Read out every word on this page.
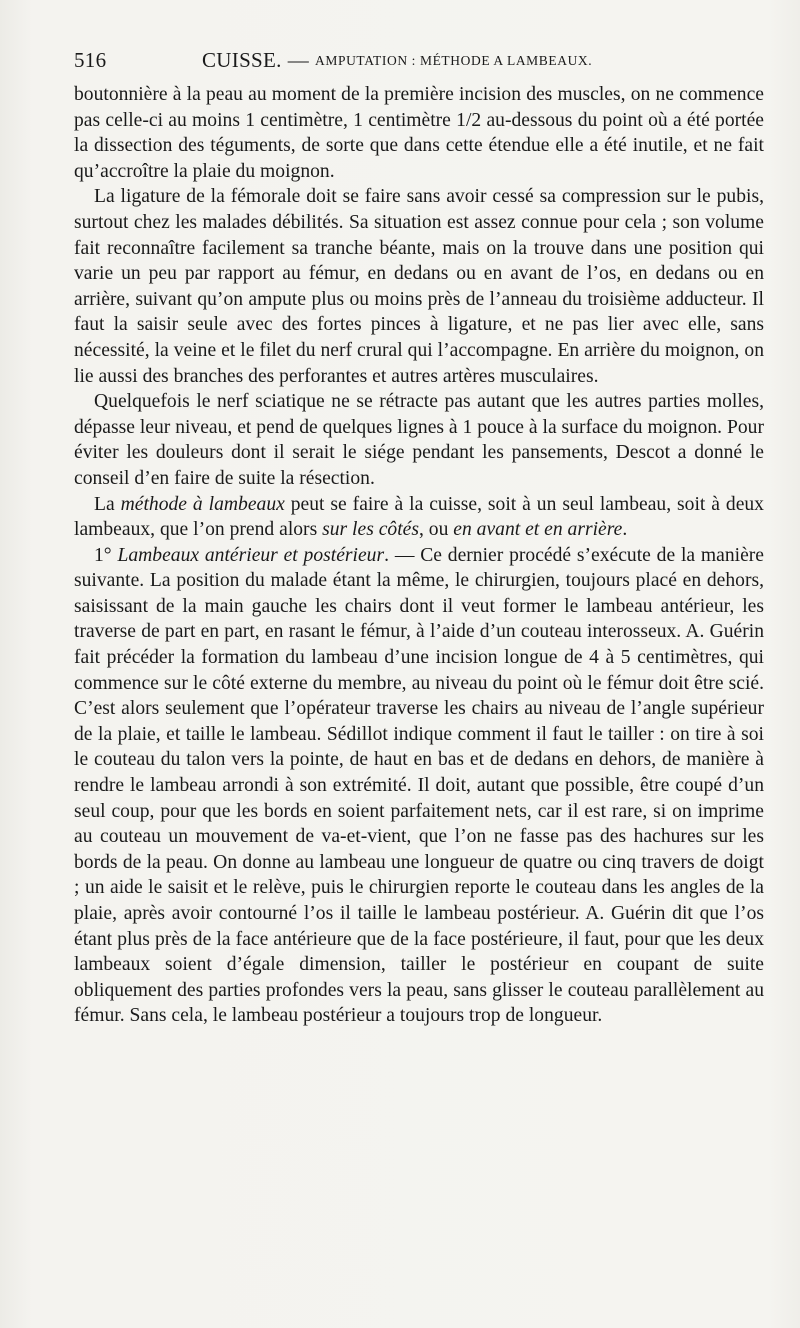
516	CUISSE. — AMPUTATION : MÉTHODE A LAMBEAUX.

boutonnière à la peau au moment de la première incision des muscles, on ne commence pas celle-ci au moins 1 centimètre, 1 centimètre 1/2 au-dessous du point où a été portée la dissection des téguments, de sorte que dans cette étendue elle a été inutile, et ne fait qu’accroître la plaie du moignon.

La ligature de la fémorale doit se faire sans avoir cessé sa compression sur le pubis, surtout chez les malades débilités. Sa situation est assez connue pour cela ; son volume fait reconnaître facilement sa tranche béante, mais on la trouve dans une position qui varie un peu par rapport au fémur, en dedans ou en avant de l’os, en dedans ou en arrière, suivant qu’on ampute plus ou moins près de l’anneau du troisième adducteur. Il faut la saisir seule avec des fortes pinces à ligature, et ne pas lier avec elle, sans nécessité, la veine et le filet du nerf crural qui l’accompagne. En arrière du moignon, on lie aussi des branches des perforantes et autres artères musculaires.

Quelquefois le nerf sciatique ne se rétracte pas autant que les autres parties molles, dépasse leur niveau, et pend de quelques lignes à 1 pouce à la surface du moignon. Pour éviter les douleurs dont il serait le siége pendant les pansements, Descot a donné le conseil d’en faire de suite la résection.

La méthode à lambeaux peut se faire à la cuisse, soit à un seul lambeau, soit à deux lambeaux, que l’on prend alors sur les côtés, ou en avant et en arrière.

1° Lambeaux antérieur et postérieur. — Ce dernier procédé s’exécute de la manière suivante. La position du malade étant la même, le chirurgien, toujours placé en dehors, saisissant de la main gauche les chairs dont il veut former le lambeau antérieur, les traverse de part en part, en rasant le fémur, à l’aide d’un couteau interosseux. A. Guérin fait précéder la formation du lambeau d’une incision longue de 4 à 5 centimètres, qui commence sur le côté externe du membre, au niveau du point où le fémur doit être scié. C’est alors seulement que l’opérateur traverse les chairs au niveau de l’angle supérieur de la plaie, et taille le lambeau. Sédillot indique comment il faut le tailler : on tire à soi le couteau du talon vers la pointe, de haut en bas et de dedans en dehors, de manière à rendre le lambeau arrondi à son extrémité. Il doit, autant que possible, être coupé d’un seul coup, pour que les bords en soient parfaitement nets, car il est rare, si on imprime au couteau un mouvement de va-et-vient, que l’on ne fasse pas des hachures sur les bords de la peau. On donne au lambeau une longueur de quatre ou cinq travers de doigt ; un aide le saisit et le relève, puis le chirurgien reporte le couteau dans les angles de la plaie, après avoir contourné l’os il taille le lambeau postérieur. A. Guérin dit que l’os étant plus près de la face antérieure que de la face postérieure, il faut, pour que les deux lambeaux soient d’égale dimension, tailler le postérieur en coupant de suite obliquement des parties profondes vers la peau, sans glisser le couteau parallèlement au fémur. Sans cela, le lambeau postérieur a toujours trop de longueur.
